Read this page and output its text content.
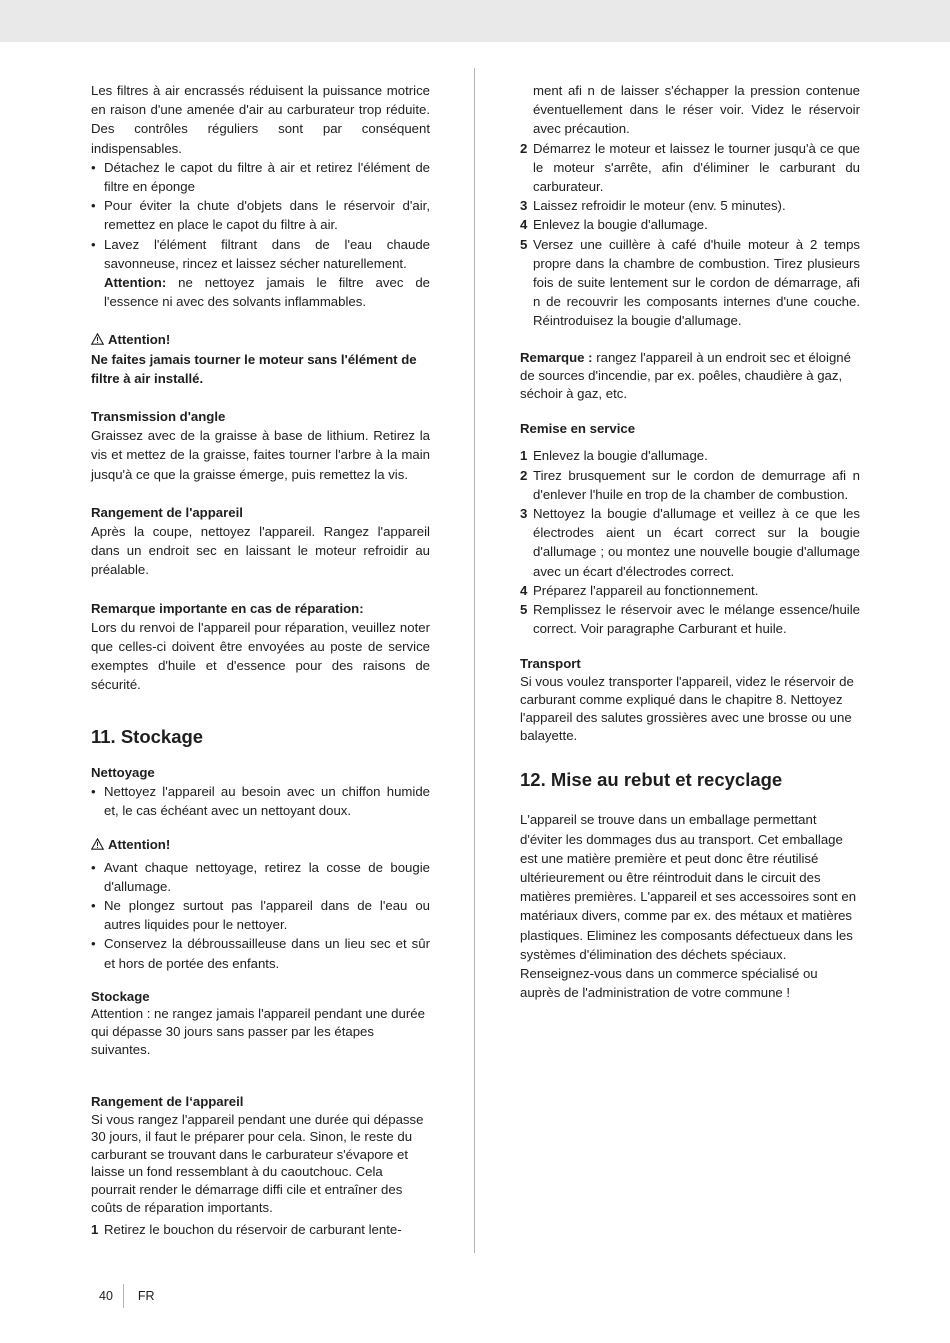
Les filtres à air encrassés réduisent la puissance motrice en raison d'une amenée d'air au carburateur trop réduite. Des contrôles réguliers sont par conséquent indispensables.

• Détachez le capot du filtre à air et retirez l'élément de filtre en éponge
• Pour éviter la chute d'objets dans le réservoir d'air, remettez en place le capot du filtre à air.
• Lavez l'élément filtrant dans de l'eau chaude savonneuse, rincez et laissez sécher naturellement.
Attention: ne nettoyez jamais le filtre avec de l'essence ni avec des solvants inflammables.

Attention!

Ne faites jamais tourner le moteur sans l'élément de filtre à air installé.

Transmission d'angle

Graissez avec de la graisse à base de lithium. Retirez la vis et mettez de la graisse, faites tourner l'arbre à la main jusqu'à ce que la graisse émerge, puis remettez la vis.

Rangement de l'appareil

Après la coupe, nettoyez l'appareil. Rangez l'appareil dans un endroit sec en laissant le moteur refroidir au préalable.

Remarque importante en cas de réparation:

Lors du renvoi de l'appareil pour réparation, veuillez noter que celles-ci doivent être envoyées au poste de service exemptes d'huile et d'essence pour des raisons de sécurité.

11. Stockage

Nettoyage

• Nettoyez l'appareil au besoin avec un chiffon humide et, le cas échéant avec un nettoyant doux.

Attention!

• Avant chaque nettoyage, retirez la cosse de bougie d'allumage.
• Ne plongez surtout pas l'appareil dans de l'eau ou autres liquides pour le nettoyer.
• Conservez la débroussailleuse dans un lieu sec et sûr et hors de portée des enfants.

Stockage

Attention : ne rangez jamais l'appareil pendant une durée qui dépasse 30 jours sans passer par les étapes suivantes.

Rangement de l‘appareil

Si vous rangez l'appareil pendant une durée qui dépasse 30 jours, il faut le préparer pour cela. Sinon, le reste du carburant se trouvant dans le carburateur s'évapore et laisse un fond ressemblant à du caoutchouc. Cela pourrait render le démarrage diffi cile et entraîner des coûts de réparation importants.

1 Retirez le bouchon du réservoir de carburant lente-

ment afi n de laisser s'échapper la pression contenue éventuellement dans le réser voir. Videz le réservoir avec précaution.

2 Démarrez le moteur et laissez le tourner jusqu'à ce que le moteur s'arrête, afin d'éliminer le carburant du carburateur.
3 Laissez refroidir le moteur (env. 5 minutes).
4 Enlevez la bougie d'allumage.
5 Versez une cuillère à café d'huile moteur à 2 temps propre dans la chambre de combustion. Tirez plusieurs fois de suite lentement sur le cordon de démarrage, afi n de recouvrir les composants internes d'une couche. Réintroduisez la bougie d'allumage.

Remarque : rangez l'appareil à un endroit sec et éloigné de sources d'incendie, par ex. poêles, chaudière à gaz, séchoir à gaz, etc.

Remise en service

1 Enlevez la bougie d'allumage.
2 Tirez brusquement sur le cordon de demurrage afi n d'enlever l'huile en trop de la chamber de combustion.
3 Nettoyez la bougie d'allumage et veillez à ce que les électrodes aient un écart correct sur la bougie d'allumage ; ou montez une nouvelle bougie d'allumage avec un écart d'électrodes correct.
4 Préparez l'appareil au fonctionnement.
5 Remplissez le réservoir avec le mélange essence/huile correct. Voir paragraphe Carburant et huile.

Transport

Si vous voulez transporter l'appareil, videz le réservoir de carburant comme expliqué dans le chapitre 8. Nettoyez l'appareil des salutes grossières avec une brosse ou une balayette.

12. Mise au rebut et recyclage

L'appareil se trouve dans un emballage permettant d'éviter les dommages dus au transport. Cet emballage est une matière première et peut donc être réutilisé ultérieurement ou être réintroduit dans le circuit des matières premières. L'appareil et ses accessoires sont en matériaux divers, comme par ex. des métaux et matières plastiques. Eliminez les composants défectueux dans les systèmes d'élimination des déchets spéciaux. Renseignez-vous dans un commerce spécialisé ou auprès de l'administration de votre commune !

40 FR
